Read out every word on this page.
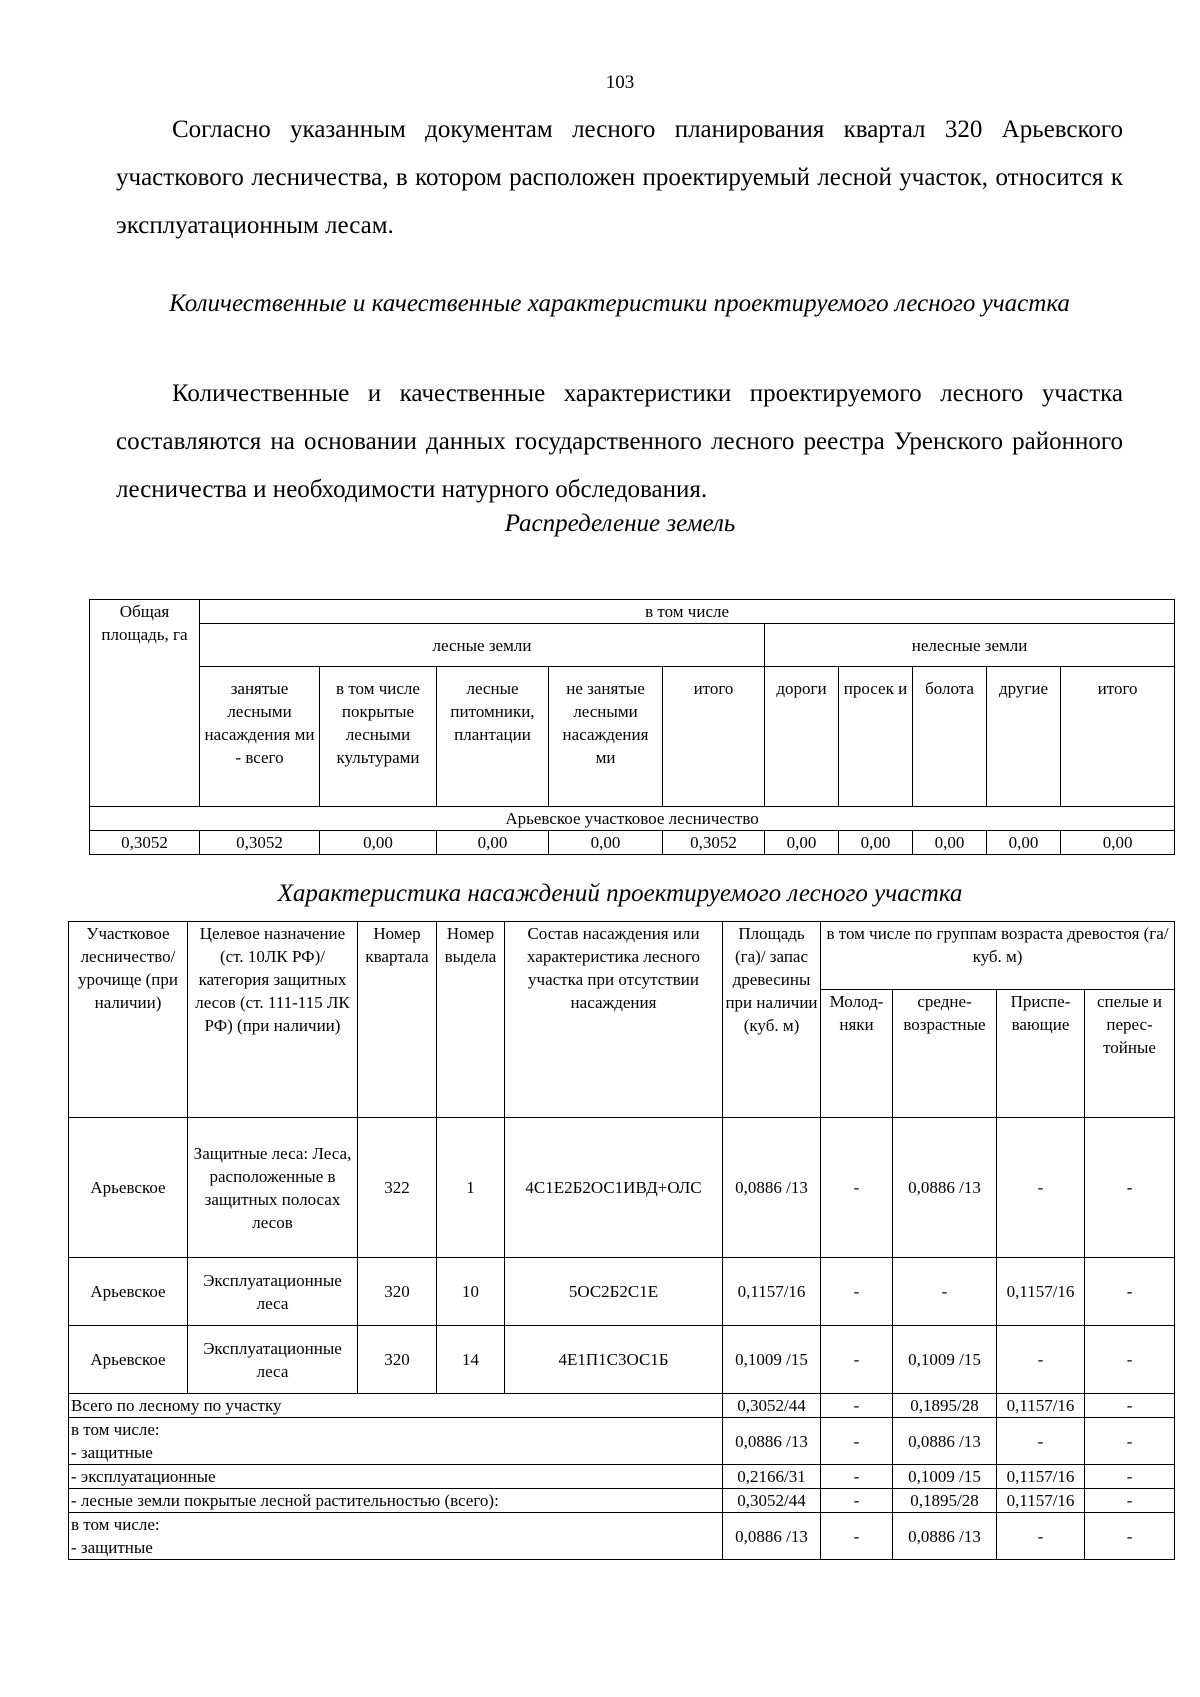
103
Согласно указанным документам лесного планирования квартал 320 Арьевского участкового лесничества, в котором расположен проектируемый лесной участок, относится к эксплуатационным лесам.
Количественные и качественные характеристики проектируемого лесного участка
Количественные и качественные характеристики проектируемого лесного участка составляются на основании данных государственного лесного реестра Уренского районного лесничества и необходимости натурного обследования.
Распределение земель
Общая площадь, га	в том числе									
	лесные земли					нелесные земли				
	занятые лесными насаждения ми - всего	в том числе покрытые лесными культурами	лесные питомники, плантации	не занятые лесными насаждения ми	итого	дороги	просек и	болота	другие	итого
Арьевское участковое лесничество										
0,3052	0,3052	0,00	0,00	0,00	0,3052	0,00	0,00	0,00	0,00	0,00
Характеристика насаждений проектируемого лесного участка
Участковое лесничество/ урочище (при наличии)	Целевое назначение (ст. 10ЛК РФ)/ категория защитных лесов (ст. 111-115 ЛК РФ) (при наличии)	Номер квартала	Номер выдела	Состав насаждения или характеристика лесного участка при отсутствии насаждения	Площадь (га)/ запас древесины при наличии (куб. м)	в том числе по группам возраста древостоя (га/куб. м)			
						Молод-няки	средне-возрастные	Приспе-вающие	спелые и перес-тойные
Арьевское	Защитные леса: Леса, расположенные в защитных полосах лесов	322	1	4С1Е2Б2ОС1ИВД+ОЛС	0,0886 /13	-	0,0886 /13	-	-
Арьевское	Эксплуатационные леса	320	10	5ОС2Б2С1Е	0,1157/16	-	-	0,1157/16	-
Арьевское	Эксплуатационные леса	320	14	4Е1П1С3ОС1Б	0,1009 /15	-	0,1009 /15	-	-
Всего по лесному по участку					0,3052/44	-	0,1895/28	0,1157/16	-
в том числе:
- защитные					0,0886 /13	-	0,0886 /13	-	-
- эксплуатационные					0,2166/31	-	0,1009 /15	0,1157/16	-
- лесные земли покрытые лесной растительностью (всего):					0,3052/44	-	0,1895/28	0,1157/16	-
в том числе:
- защитные					0,0886 /13	-	0,0886 /13	-	-
